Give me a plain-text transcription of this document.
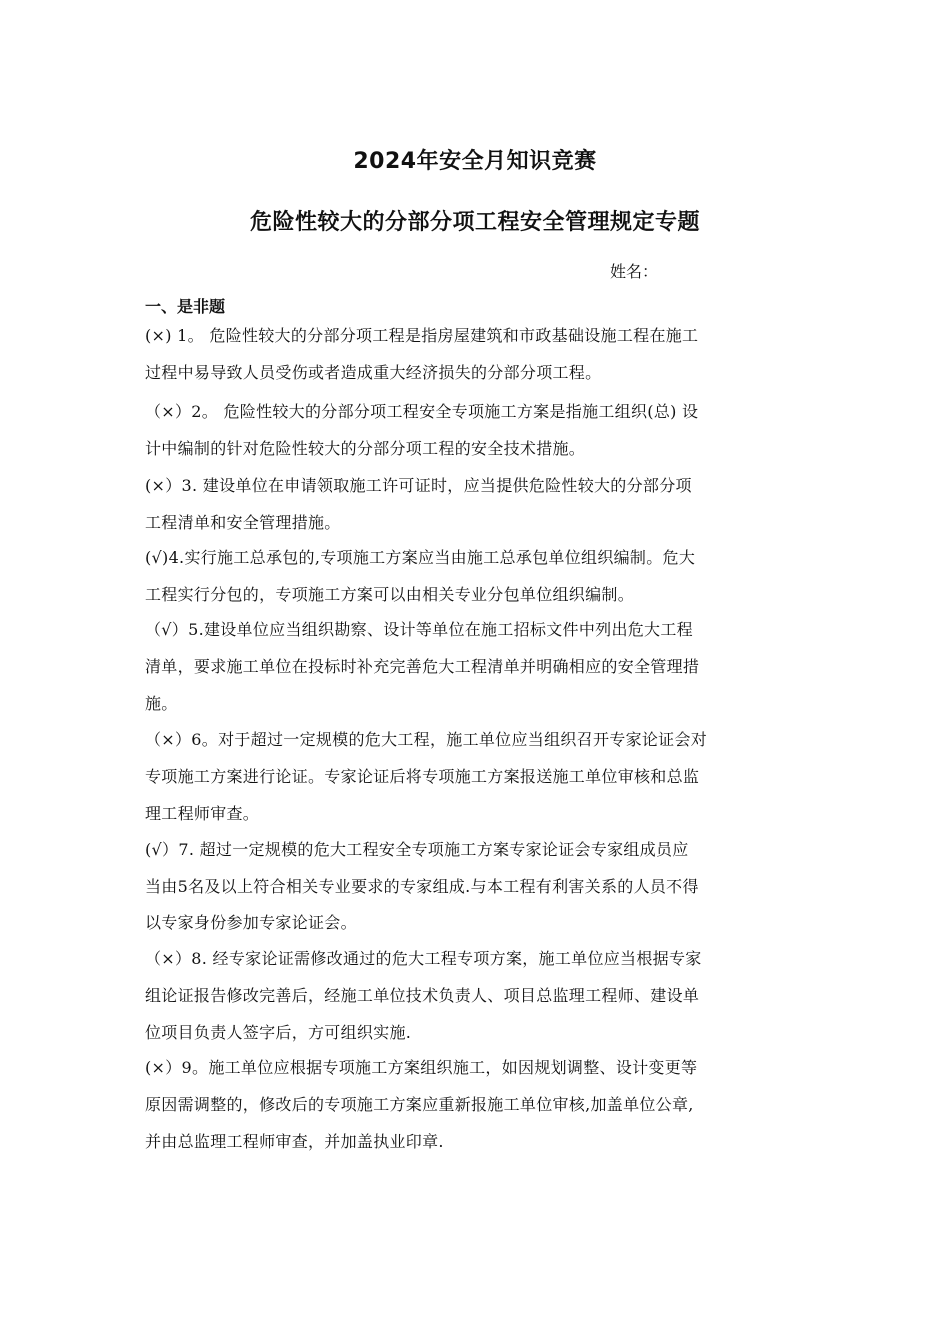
2024年安全月知识竞赛
危险性较大的分部分项工程安全管理规定专题
姓名：
一、是非题
(×) 1。 危险性较大的分部分项工程是指房屋建筑和市政基础设施工程在施工
过程中易导致人员受伤或者造成重大经济损失的分部分项工程。
（×）2。 危险性较大的分部分项工程安全专项施工方案是指施工组织(总) 设
计中编制的针对危险性较大的分部分项工程的安全技术措施。
(×）3. 建设单位在申请领取施工许可证时，应当提供危险性较大的分部分项
工程清单和安全管理措施。
(√)4.实行施工总承包的,专项施工方案应当由施工总承包单位组织编制。危大
工程实行分包的，专项施工方案可以由相关专业分包单位组织编制。
（√）5.建设单位应当组织勘察、设计等单位在施工招标文件中列出危大工程
清单，要求施工单位在投标时补充完善危大工程清单并明确相应的安全管理措
施。
（×）6。对于超过一定规模的危大工程，施工单位应当组织召开专家论证会对
专项施工方案进行论证。专家论证后将专项施工方案报送施工单位审核和总监
理工程师审查。
(√）7. 超过一定规模的危大工程安全专项施工方案专家论证会专家组成员应
当由5名及以上符合相关专业要求的专家组成.与本工程有利害关系的人员不得
以专家身份参加专家论证会。
（×）8. 经专家论证需修改通过的危大工程专项方案，施工单位应当根据专家
组论证报告修改完善后，经施工单位技术负责人、项目总监理工程师、建设单
位项目负责人签字后，方可组织实施.
(×）9。施工单位应根据专项施工方案组织施工，如因规划调整、设计变更等
原因需调整的，修改后的专项施工方案应重新报施工单位审核,加盖单位公章,
并由总监理工程师审查，并加盖执业印章.
